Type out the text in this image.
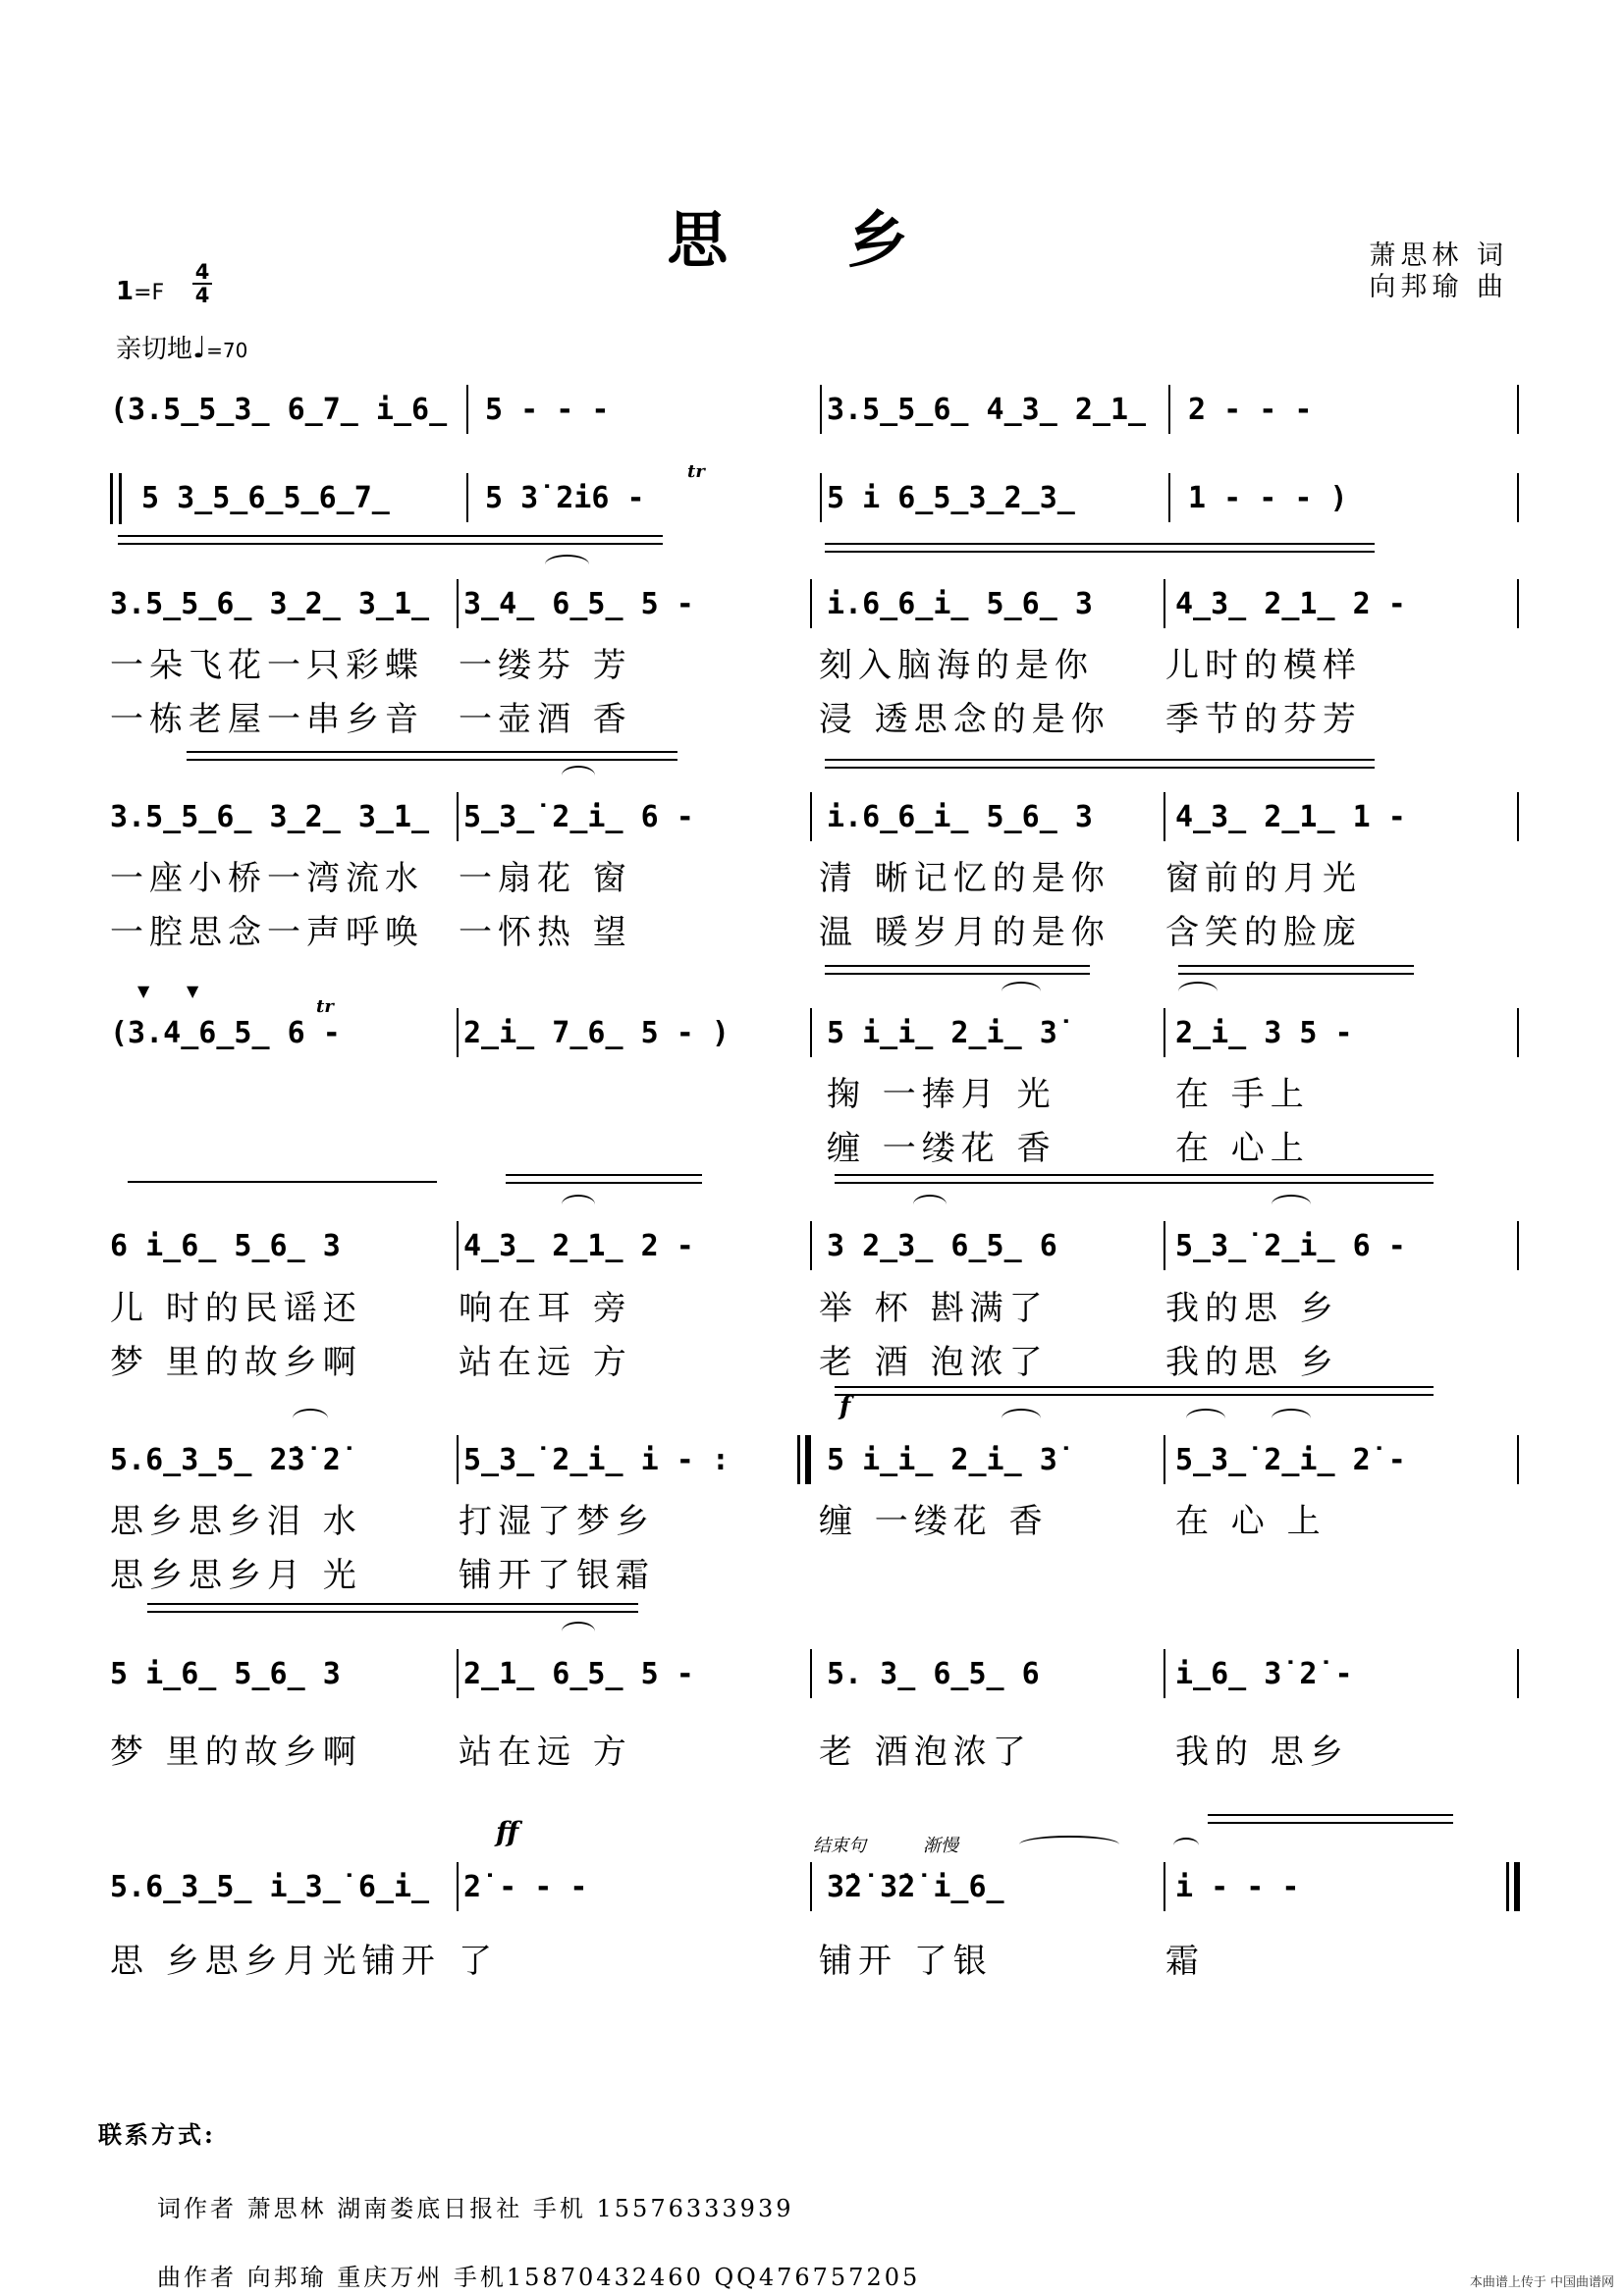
思 乡	萧思林 词
向邦瑜 曲
1=F
4
4
亲切地♩=70
(3.5̲5̲3̲ 6̲7̲ i̲6̲ 5 - - -	3.5̲5̲6̲ 4̲3̲ 2̲1̲ 2 - - -
5 3̲5̲6̲5̲6̲7̲	5 3̇ 2̇i6 -	5 i 6̲5̲3̲2̲3̲	1 - - - )
3.5̲5̲6̲ 3̲2̲ 3̲1̲ 3̲4̲ 6̲5̲ 5 -	i.6̲6̲i̲ 5̲6̲ 3	4̲3̲ 2̲1̲ 2 -
3.5̲5̲6̲ 3̲2̲ 3̲1̲ 5̲3̲̇ 2̲̇i̲ 6 -	i.6̲6̲i̲ 5̲6̲ 3	4̲3̲ 2̲1̲ 1 -
(3.4̲6̲5̲ 6 -	2̲̇i̲ 7̲6̲ 5 - )	5 i̲i̲ 2̲̇i̲ 3̇	2̲̇i̲ 3 5 -
6 i̲6̲ 5̲6̲ 3	4̲3̲ 2̲1̲ 2 -	3 2̲3̲ 6̲5̲ 6	5̲3̲̇ 2̲̇i̲ 6 -
5.6̲3̲5̲ 2̇3̇ 2̇	5̲3̲̇ 2̲̇i̲ i - :	5 i̲i̲ 2̲̇i̲ 3̇	5̲3̲̇ 2̲̇i̲ 2̇ -
5 i̲6̲ 5̲6̲ 3	2̲1̲ 6̲5̲ 5 -	5. 3̲ 6̲5̲ 6	i̲6̲ 3̇ 2̇ -
5.6̲3̲5̲ i̲3̲̇ 6̲i̲ 2̇ - - -	3̇2̇ 3̇2̇ i̲6̲	i - - -
一朵飞花一只彩蝶 一缕芬 芳	刻入脑海的是你 儿时的模样
一栋老屋一串乡音 一壶酒 香	浸 透思念的是你 季节的芬芳
一座小桥一湾流水 一扇花 窗	清 晰记忆的是你 窗前的月光
一腔思念一声呼唤 一怀热 望	温 暖岁月的是你 含笑的脸庞
掬 一捧月 光	在 手上
缠 一缕花 香	在 心上
儿 时的民谣还	响在耳 旁	举 杯 斟满了	我的思 乡
梦 里的故乡啊	站在远 方	老 酒 泡浓了	我的思 乡
思乡思乡泪 水	打湿了梦乡	缠 一缕花 香	在 心 上
思乡思乡月 光	铺开了银霜
梦 里的故乡啊	站在远 方	老 酒泡浓了	我的 思乡
思 乡思乡月光铺开 了	铺开 了银	霜
tr
tr
f
ff	结束句	渐慢
▼ ▼
联系方式:
词作者 萧思林 湖南娄底日报社 手机 15576333939
曲作者 向邦瑜 重庆万州 手机15870432460 QQ476757205	本曲谱上传于 中国曲谱网
